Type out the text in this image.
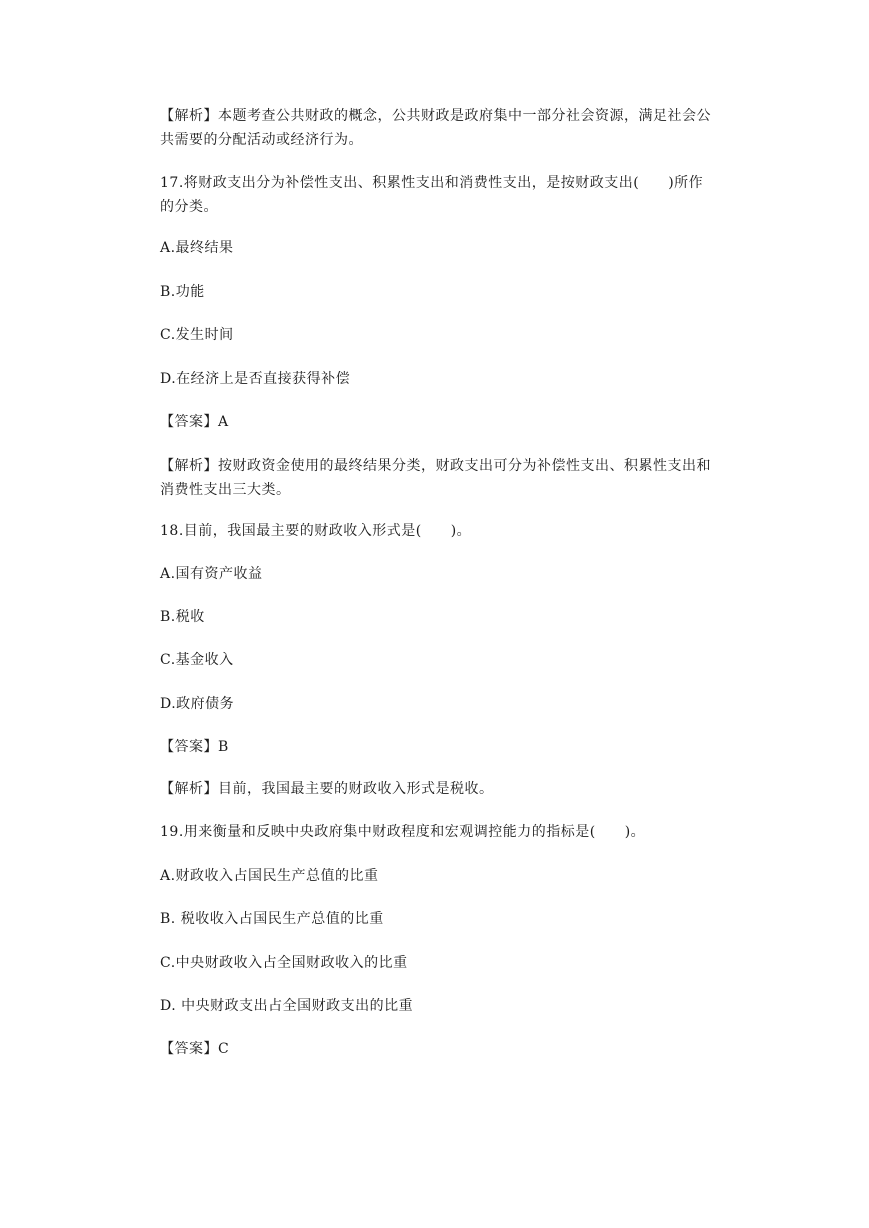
【解析】本题考查公共财政的概念，公共财政是政府集中一部分社会资源，满足社会公
共需要的分配活动或经济行为。
17.将财政支出分为补偿性支出、积累性支出和消费性支出，是按财政支出(　　)所作
的分类。
A.最终结果
B.功能
C.发生时间
D.在经济上是否直接获得补偿
【答案】A
【解析】按财政资金使用的最终结果分类，财政支出可分为补偿性支出、积累性支出和
消费性支出三大类。
18.目前，我国最主要的财政收入形式是(　　)。
A.国有资产收益
B.税收
C.基金收入
D.政府债务
【答案】B
【解析】目前，我国最主要的财政收入形式是税收。
19.用来衡量和反映中央政府集中财政程度和宏观调控能力的指标是(　　)。
A.财政收入占国民生产总值的比重
B. 税收收入占国民生产总值的比重
C.中央财政收入占全国财政收入的比重
D. 中央财政支出占全国财政支出的比重
【答案】C
